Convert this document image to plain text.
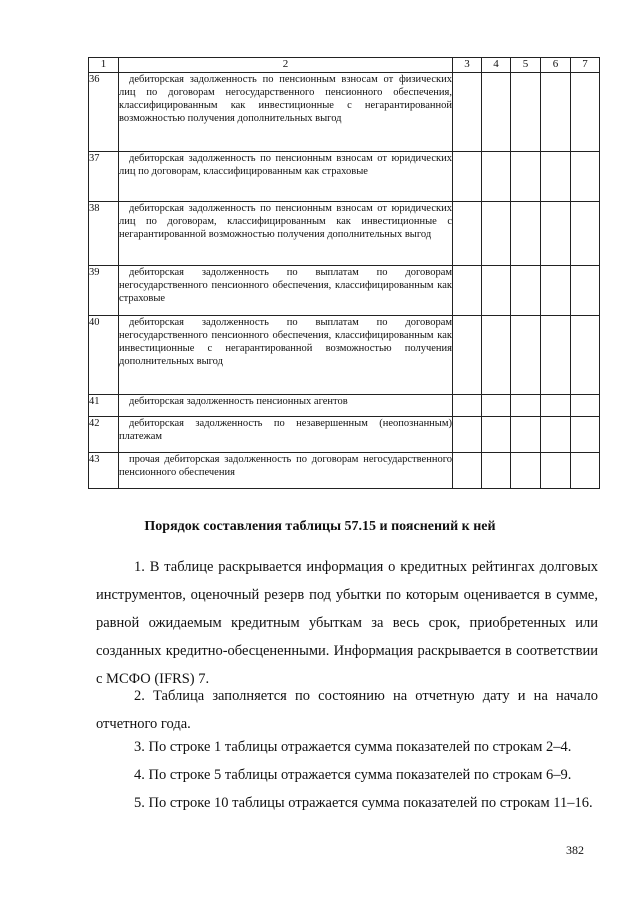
1	2	3	4	5	6	7
36	дебиторская задолженность по пенсионным взносам от физических лиц по договорам негосударственного пенсионного обеспечения, классифицированным как инвестиционные с негарантированной возможностью получения дополнительных выгод					

37	дебиторская задолженность по пенсионным взносам от юридических лиц по договорам, классифицированным как страховые					

38	дебиторская задолженность по пенсионным взносам от юридических лиц по договорам, классифицированным как инвестиционные с негарантированной возможностью получения дополнительных выгод					

39	дебиторская задолженность по выплатам по договорам негосударственного пенсионного обеспечения, классифицированным как страховые					

40	дебиторская задолженность по выплатам по договорам негосударственного пенсионного обеспечения, классифицированным как инвестиционные с негарантированной возможностью получения дополнительных выгод					

41	дебиторская задолженность пенсионных агентов					

42	дебиторская задолженность по незавершенным (неопознанным) платежам					

43	прочая дебиторская задолженность по договорам негосударственного пенсионного обеспечения					

Порядок составления таблицы 57.15 и пояснений к ней
1. В таблице раскрывается информация о кредитных рейтингах долговых инструментов, оценочный резерв под убытки по которым оценивается в сумме, равной ожидаемым кредитным убыткам за весь срок, приобретенных или созданных кредитно-обесцененными. Информация раскрывается в соответствии с МСФО (IFRS) 7.
2. Таблица заполняется по состоянию на отчетную дату и на начало отчетного года.
3. По строке 1 таблицы отражается сумма показателей по строкам 2–4.
4. По строке 5 таблицы отражается сумма показателей по строкам 6–9.
5. По строке 10 таблицы отражается сумма показателей по строкам 11–16.
382
